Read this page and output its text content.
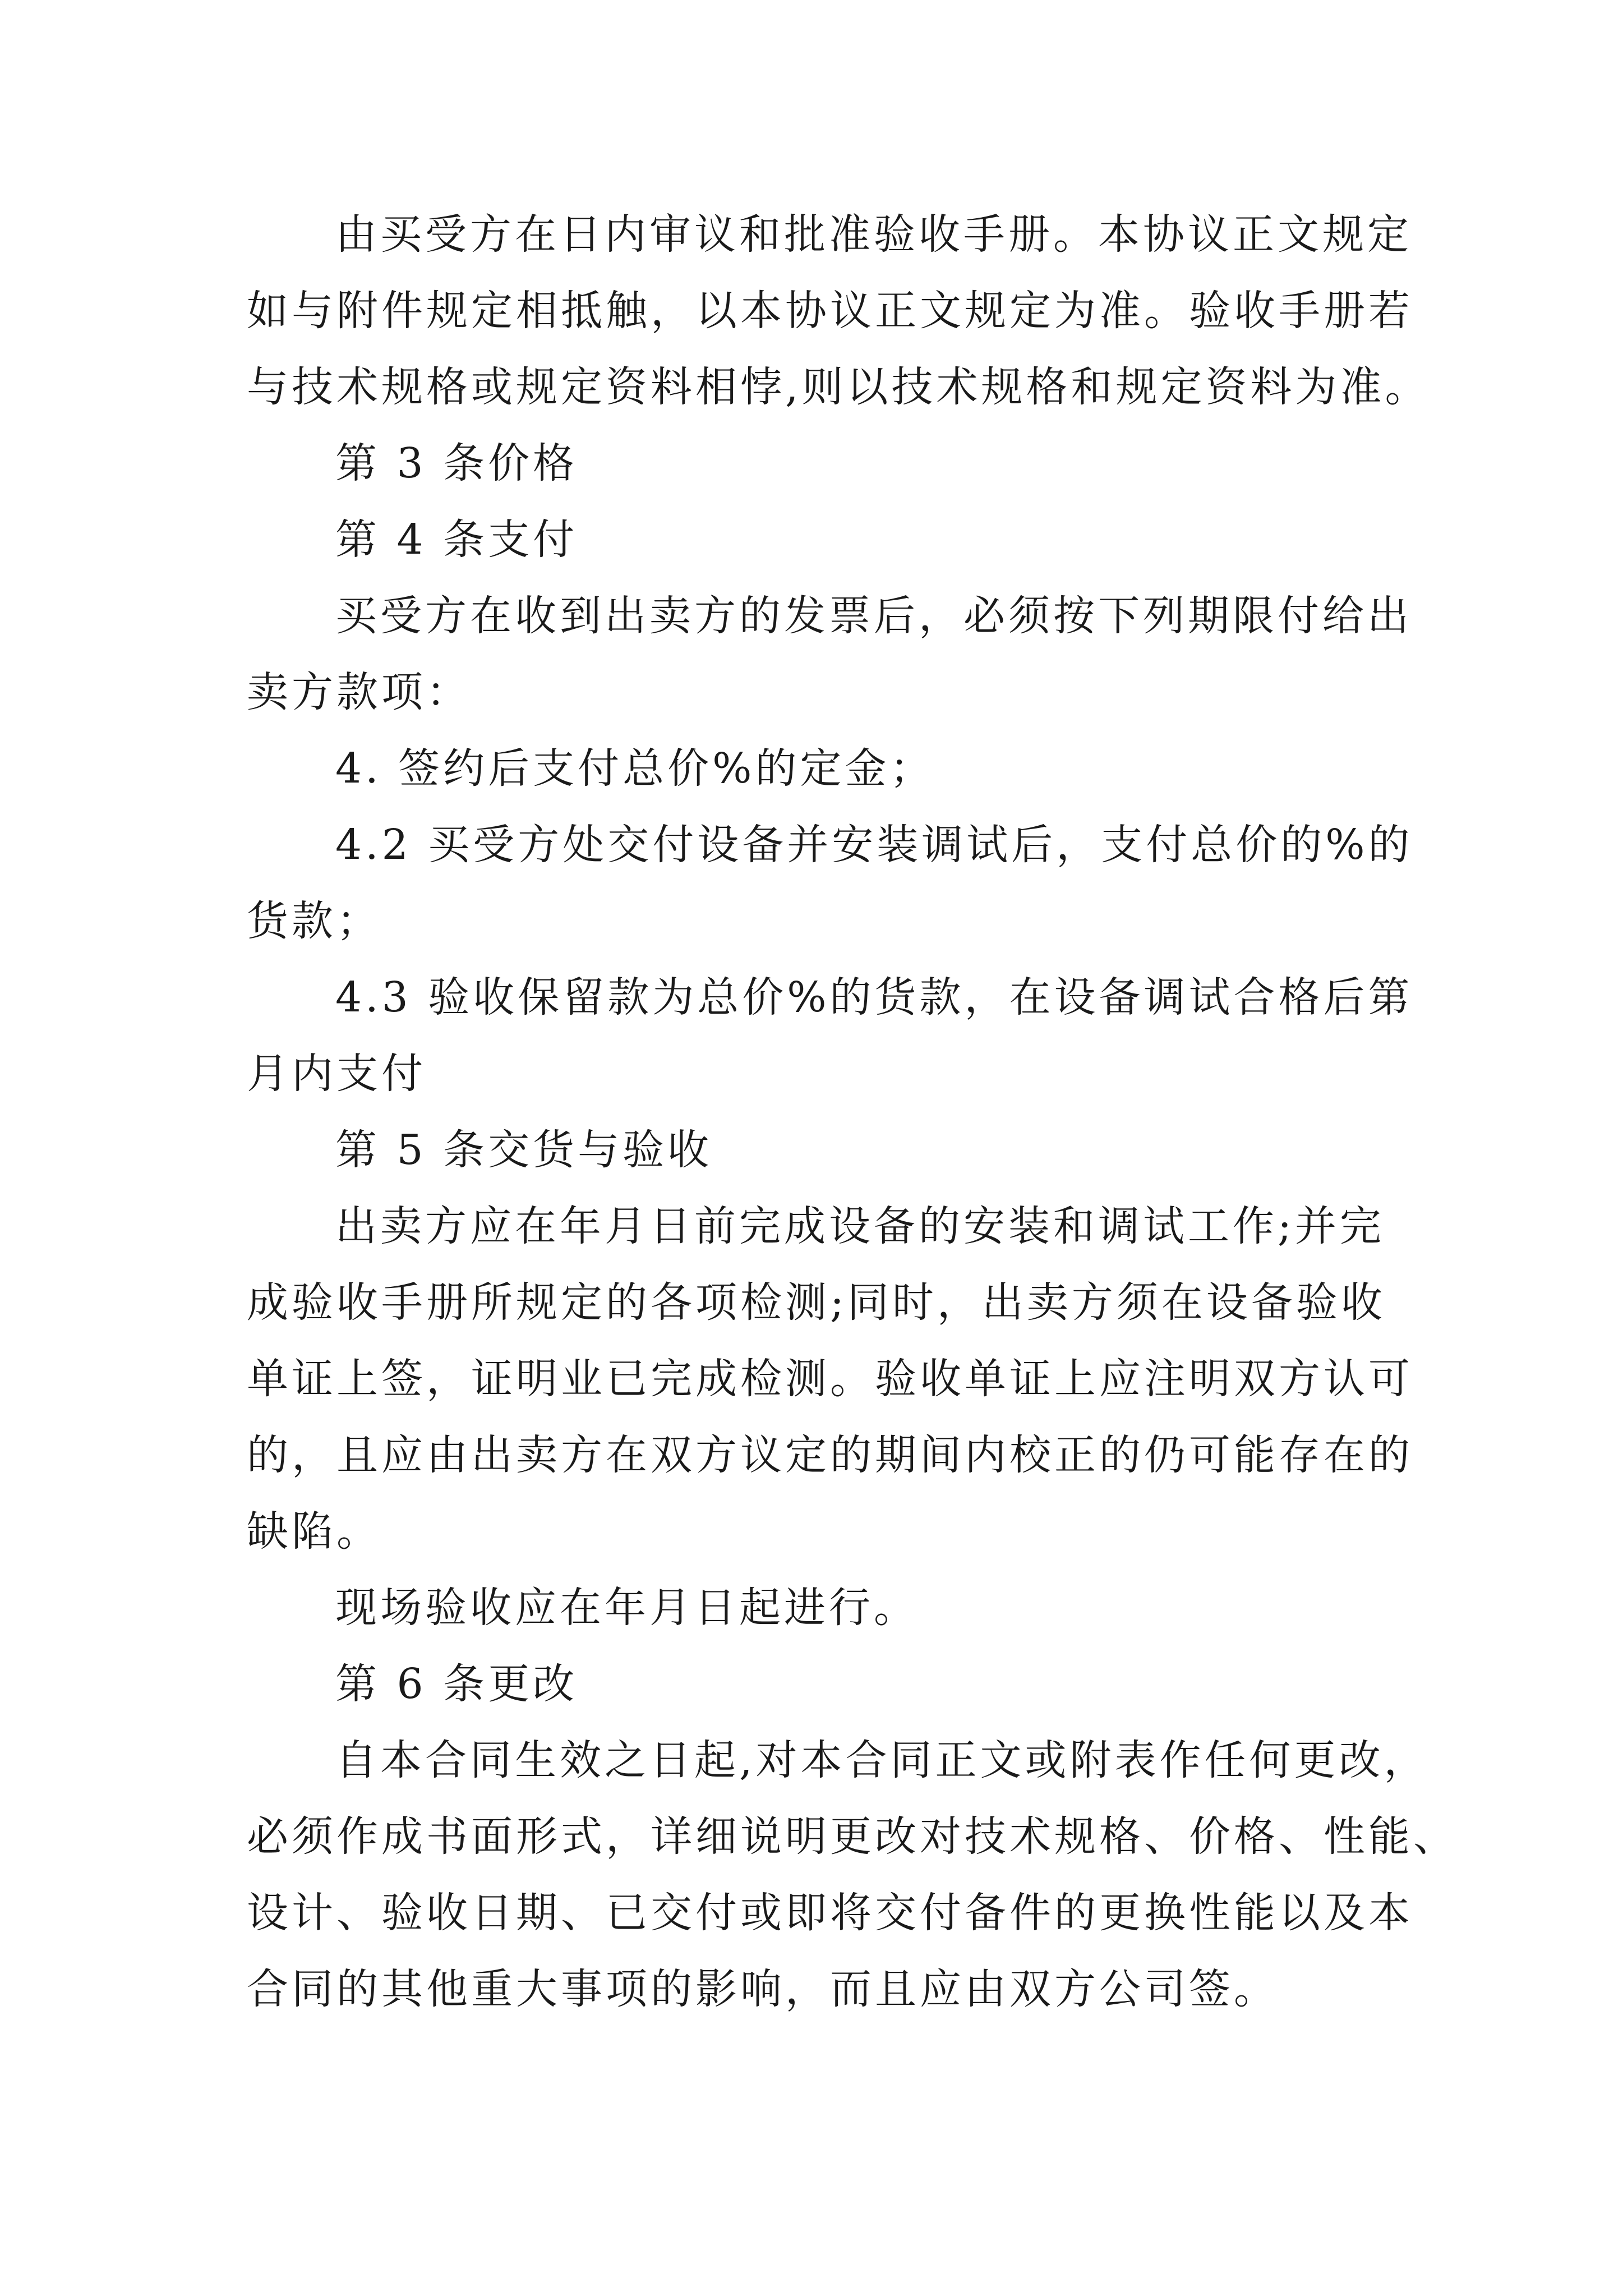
由买受方在日内审议和批准验收手册。本协议正文规定
如与附件规定相抵触，以本协议正文规定为准。验收手册若
与技术规格或规定资料相悖,则以技术规格和规定资料为准。
第 3 条价格
第 4 条支付
买受方在收到出卖方的发票后，必须按下列期限付给出
卖方款项：
4. 签约后支付总价%的定金；
4.2 买受方处交付设备并安装调试后，支付总价的%的
货款；
4.3 验收保留款为总价%的货款，在设备调试合格后第
月内支付
第 5 条交货与验收
出卖方应在年月日前完成设备的安装和调试工作;并完
成验收手册所规定的各项检测;同时，出卖方须在设备验收
单证上签，证明业已完成检测。验收单证上应注明双方认可
的，且应由出卖方在双方议定的期间内校正的仍可能存在的
缺陷。
现场验收应在年月日起进行。
第 6 条更改
自本合同生效之日起,对本合同正文或附表作任何更改，
必须作成书面形式，详细说明更改对技术规格、价格、性能、
设计、验收日期、已交付或即将交付备件的更换性能以及本
合同的其他重大事项的影响，而且应由双方公司签。
